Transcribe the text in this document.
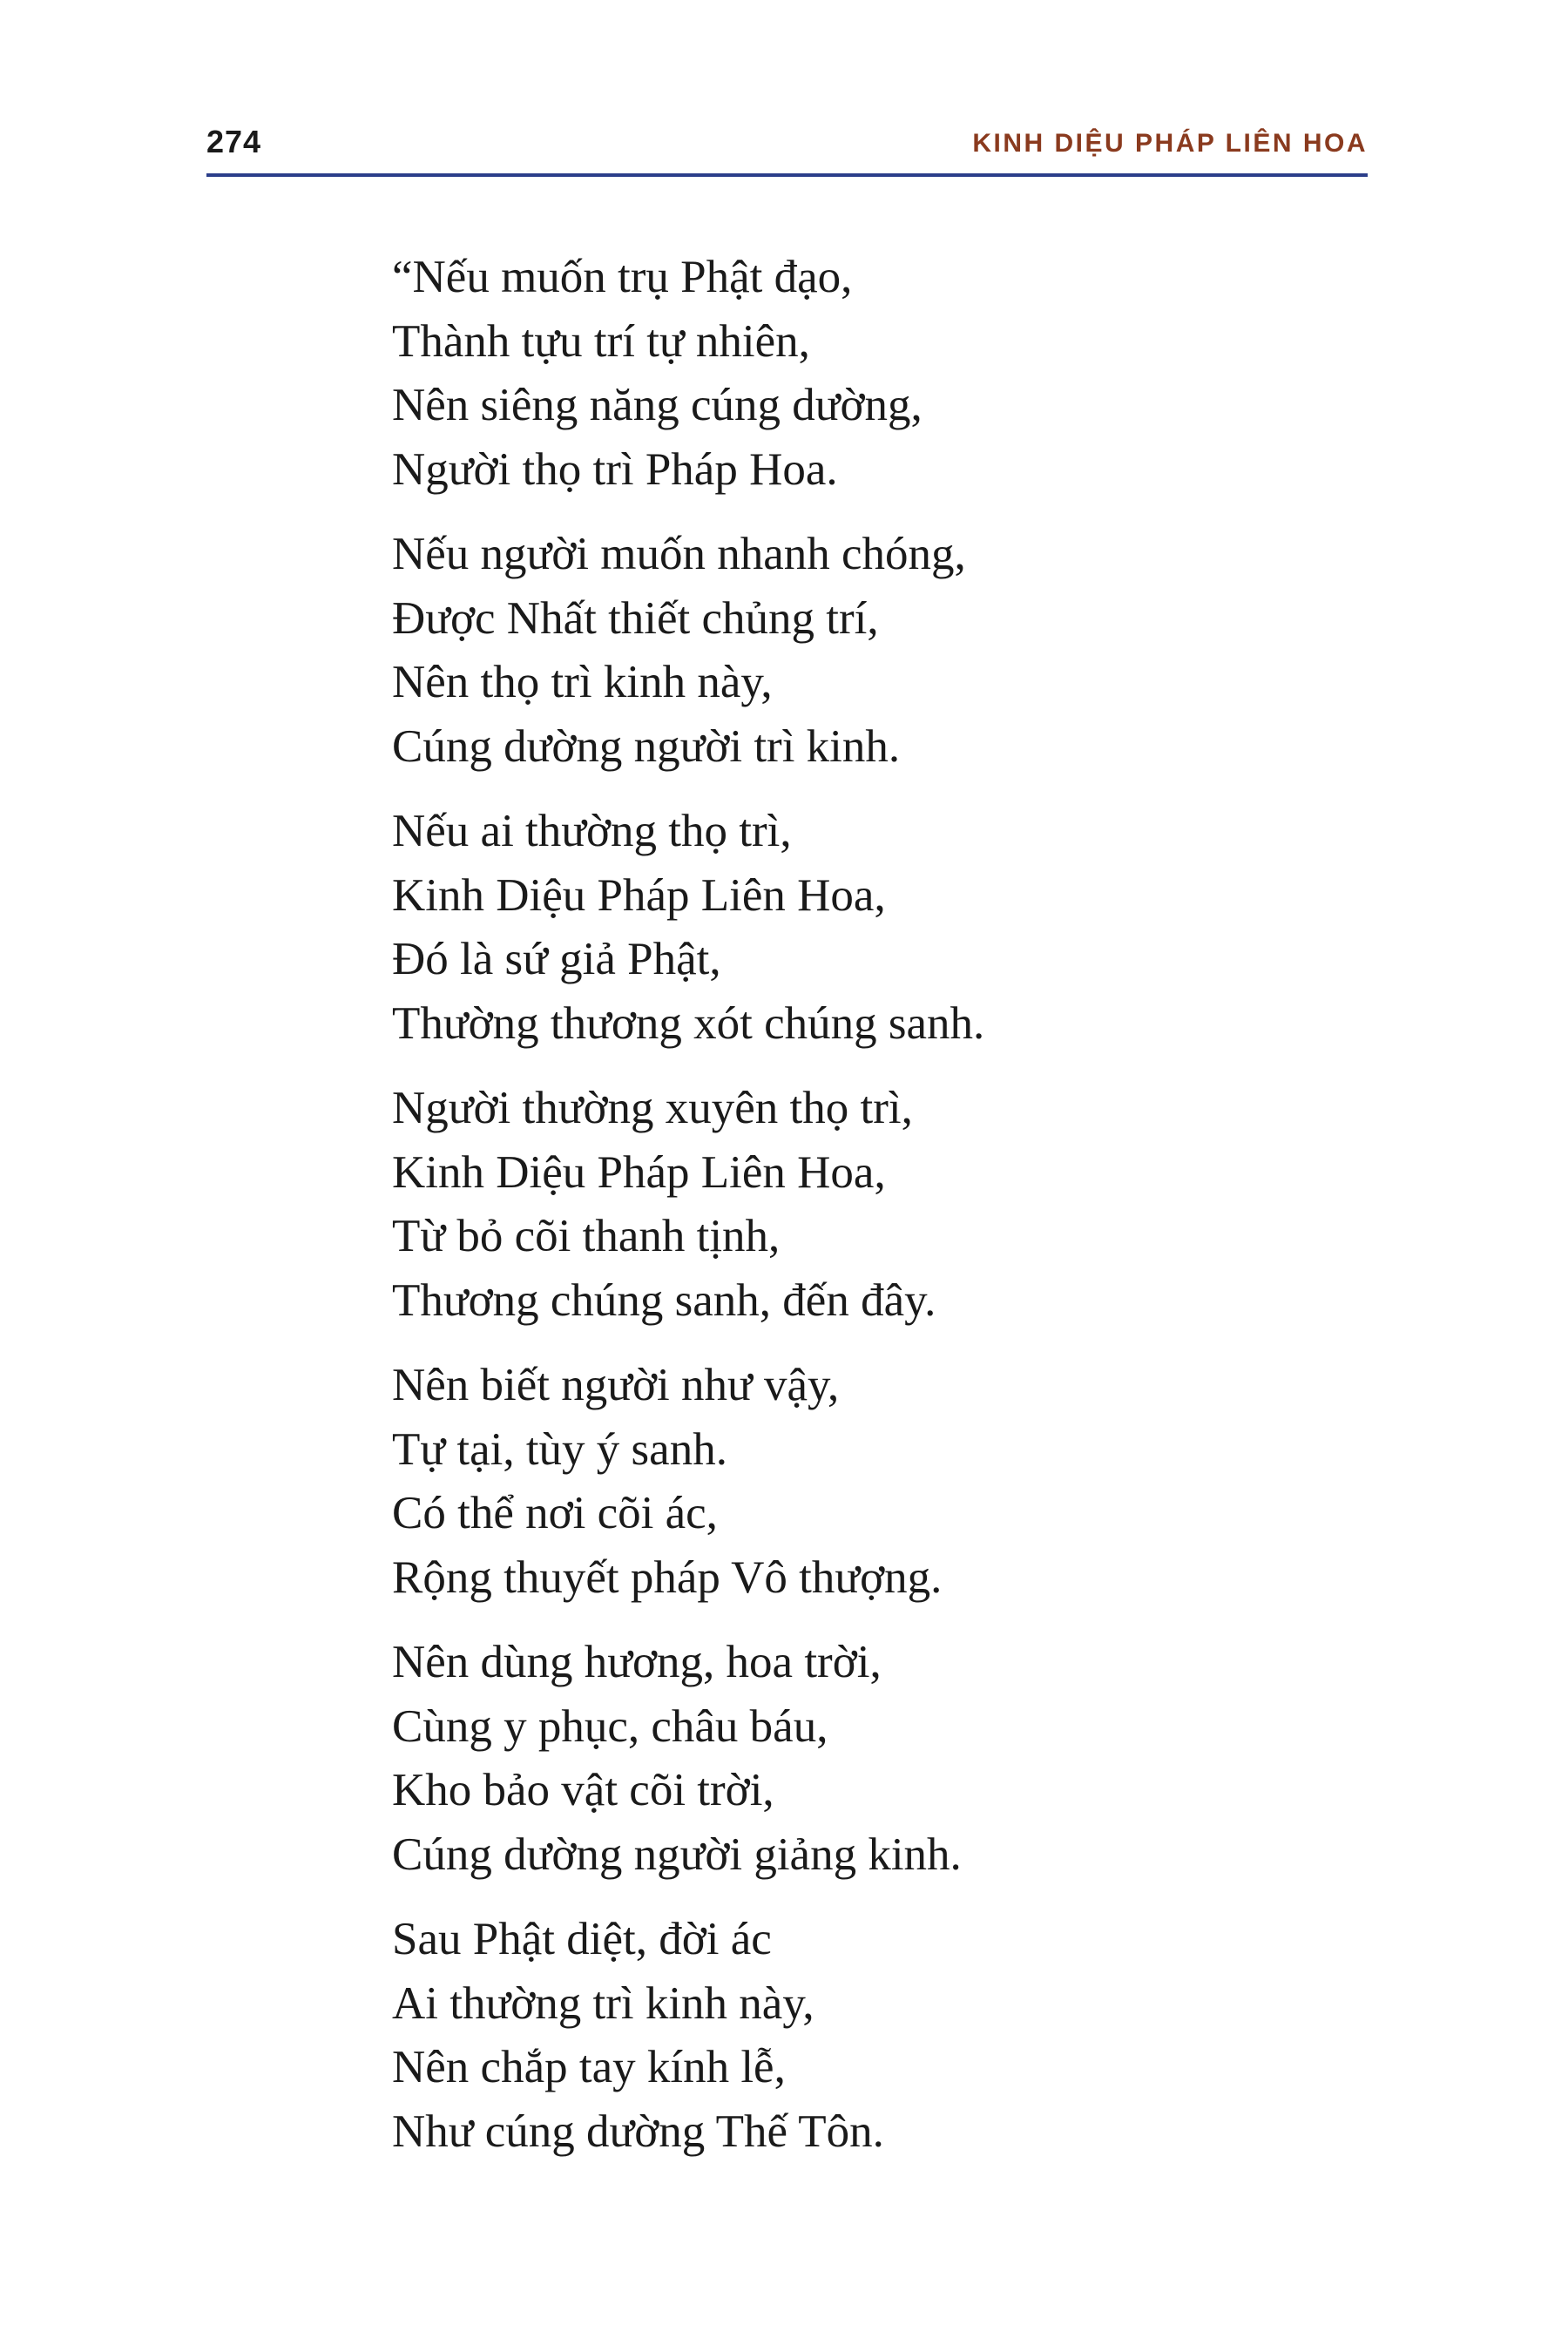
274	KINH DIỆU PHÁP LIÊN HOA
“Nếu muốn trụ Phật đạo,
Thành tựu trí tự nhiên,
Nên siêng năng cúng dường,
Người thọ trì Pháp Hoa.
Nếu người muốn nhanh chóng,
Được Nhất thiết chủng trí,
Nên thọ trì kinh này,
Cúng dường người trì kinh.
Nếu ai thường thọ trì,
Kinh Diệu Pháp Liên Hoa,
Đó là sứ giả Phật,
Thường thương xót chúng sanh.
Người thường xuyên thọ trì,
Kinh Diệu Pháp Liên Hoa,
Từ bỏ cõi thanh tịnh,
Thương chúng sanh, đến đây.
Nên biết người như vậy,
Tự tại, tùy ý sanh.
Có thể nơi cõi ác,
Rộng thuyết pháp Vô thượng.
Nên dùng hương, hoa trời,
Cùng y phục, châu báu,
Kho bảo vật cõi trời,
Cúng dường người giảng kinh.
Sau Phật diệt, đời ác
Ai thường trì kinh này,
Nên chắp tay kính lễ,
Như cúng dường Thế Tôn.
